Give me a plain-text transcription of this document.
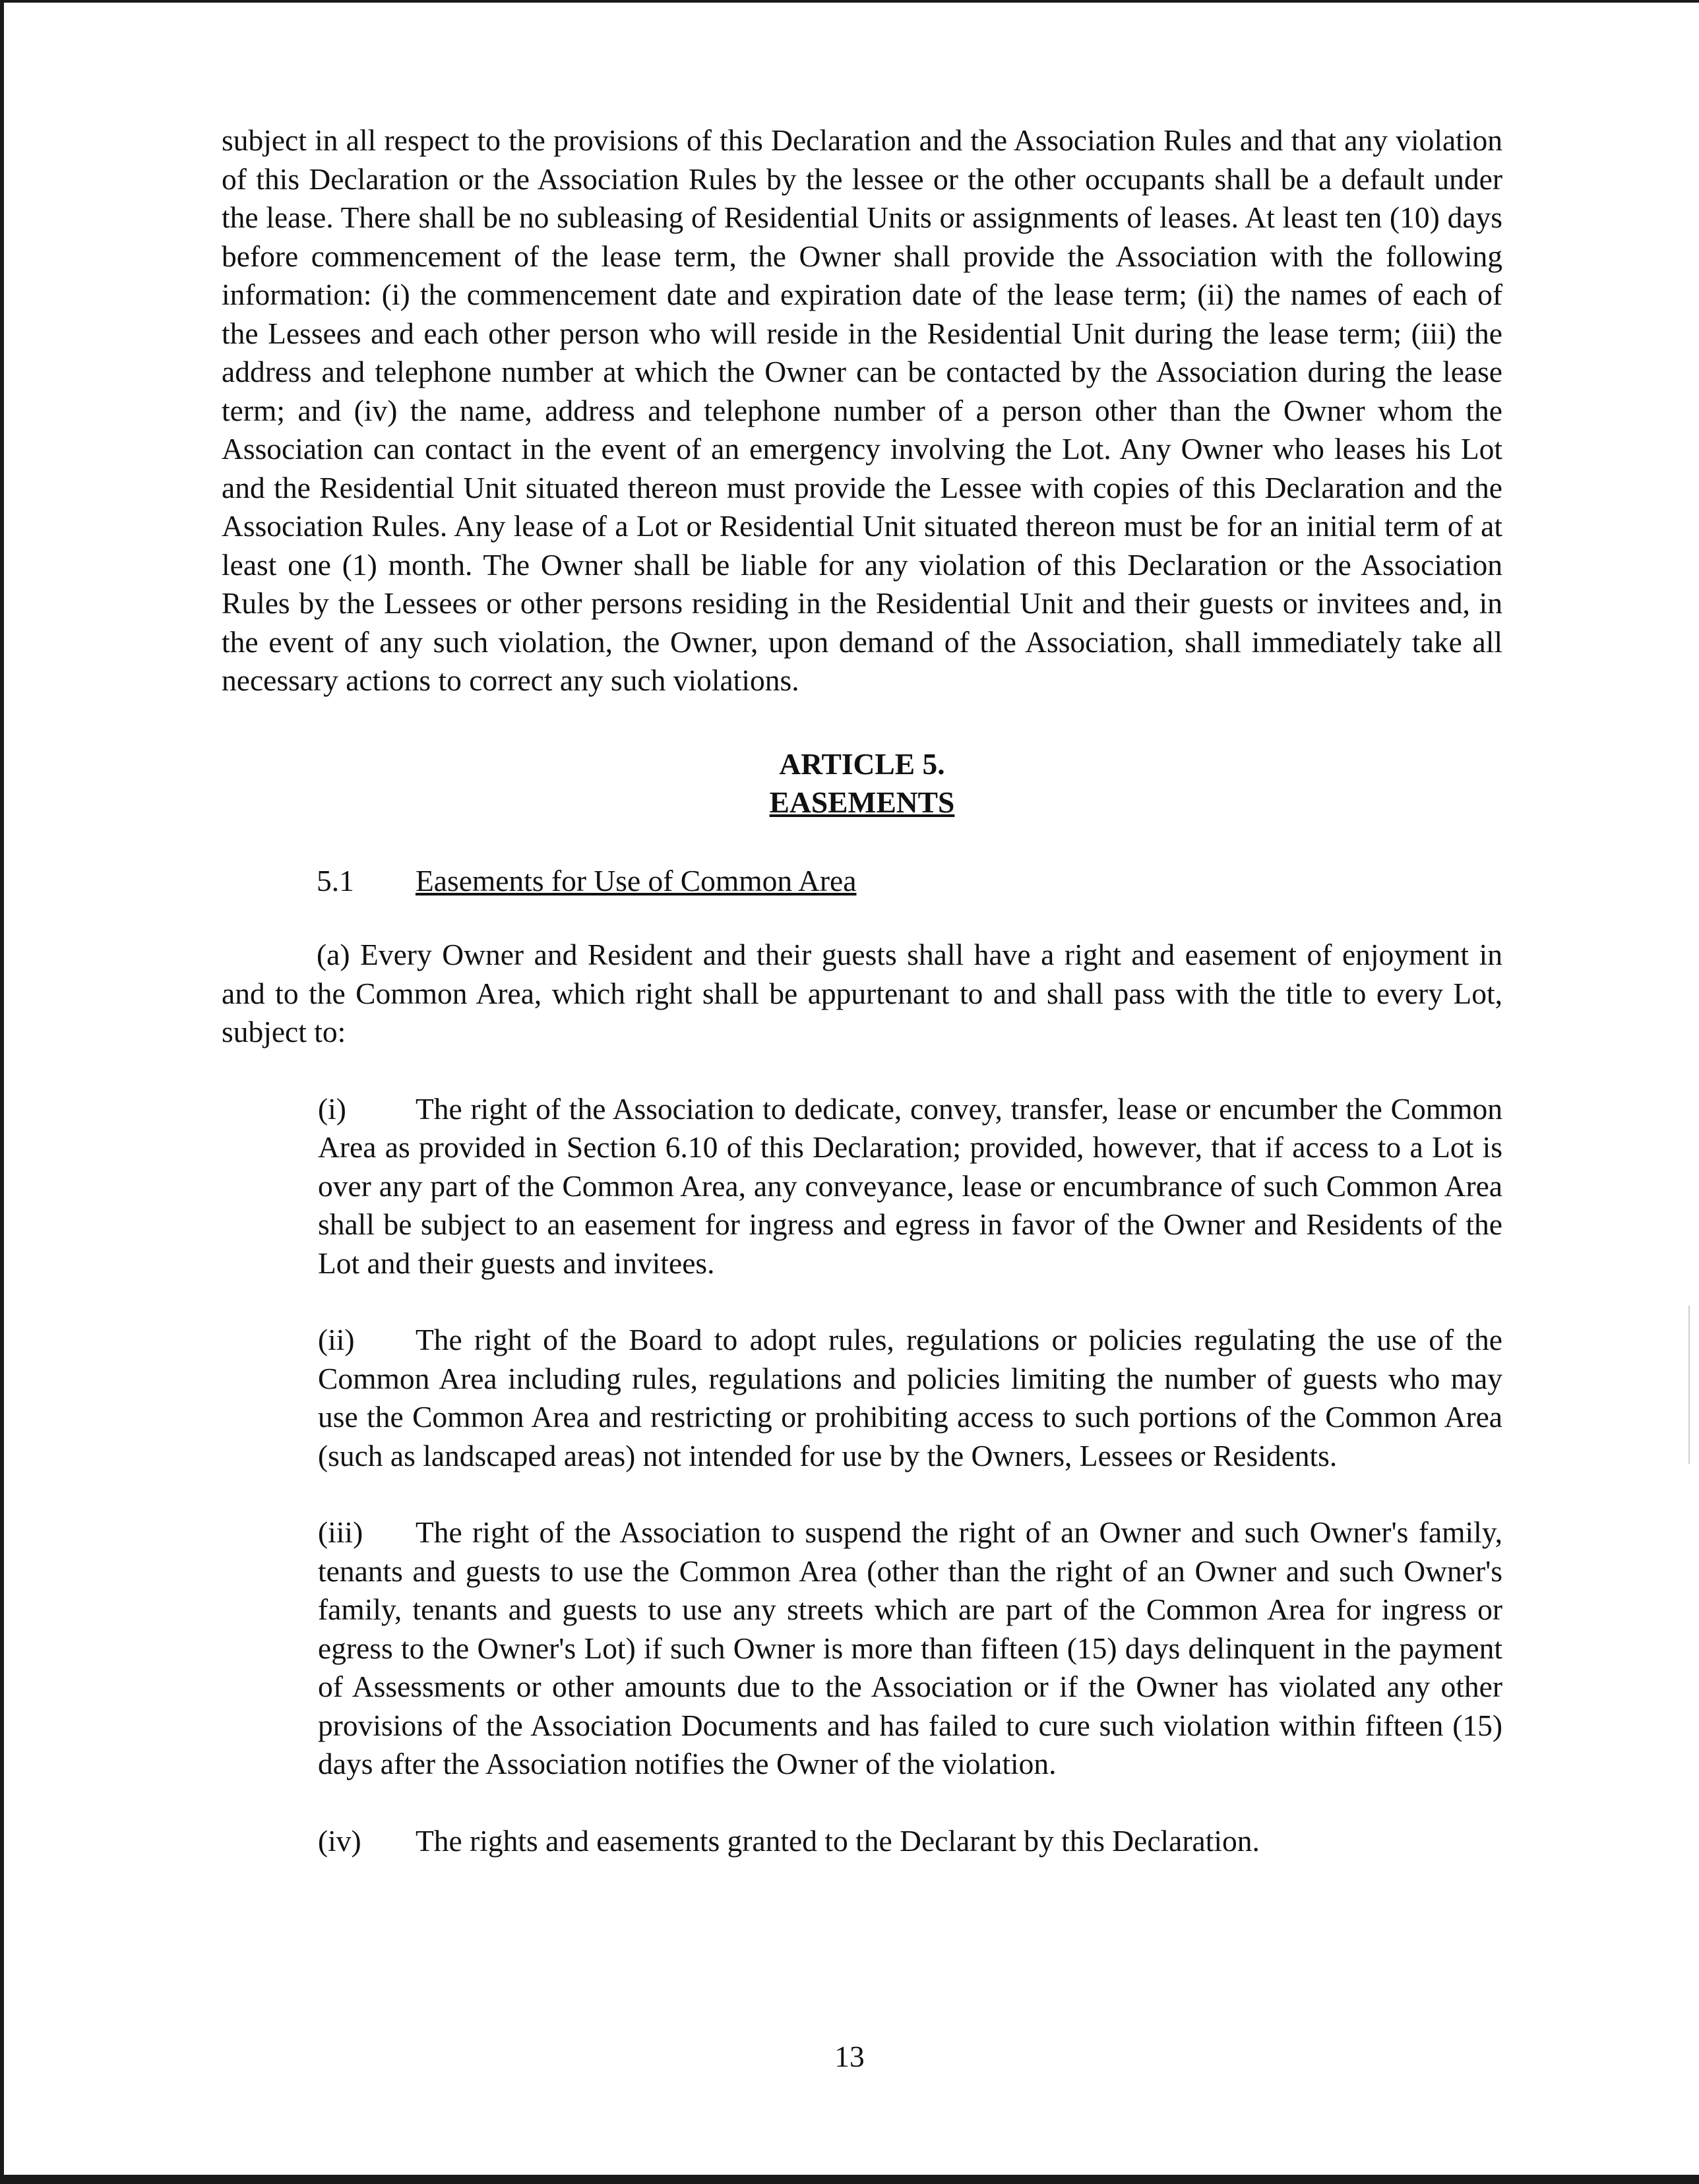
subject in all respect to the provisions of this Declaration and the Association Rules and that any violation of this Declaration or the Association Rules by the lessee or the other occupants shall be a default under the lease. There shall be no subleasing of Residential Units or assignments of leases. At least ten (10) days before commencement of the lease term, the Owner shall provide the Association with the following information: (i) the commencement date and expiration date of the lease term; (ii) the names of each of the Lessees and each other person who will reside in the Residential Unit during the lease term; (iii) the address and telephone number at which the Owner can be contacted by the Association during the lease term; and (iv) the name, address and telephone number of a person other than the Owner whom the Association can contact in the event of an emergency involving the Lot. Any Owner who leases his Lot and the Residential Unit situated thereon must provide the Lessee with copies of this Declaration and the Association Rules. Any lease of a Lot or Residential Unit situated thereon must be for an initial term of at least one (1) month. The Owner shall be liable for any violation of this Declaration or the Association Rules by the Lessees or other persons residing in the Residential Unit and their guests or invitees and, in the event of any such violation, the Owner, upon demand of the Association, shall immediately take all necessary actions to correct any such violations.

ARTICLE 5.
EASEMENTS
5.1 Easements for Use of Common Area

(a) Every Owner and Resident and their guests shall have a right and easement of enjoyment in and to the Common Area, which right shall be appurtenant to and shall pass with the title to every Lot, subject to:

(i) The right of the Association to dedicate, convey, transfer, lease or encumber the Common Area as provided in Section 6.10 of this Declaration; provided, however, that if access to a Lot is over any part of the Common Area, any conveyance, lease or encumbrance of such Common Area shall be subject to an easement for ingress and egress in favor of the Owner and Residents of the Lot and their guests and invitees.

(ii) The right of the Board to adopt rules, regulations or policies regulating the use of the Common Area including rules, regulations and policies limiting the number of guests who may use the Common Area and restricting or prohibiting access to such portions of the Common Area (such as landscaped areas) not intended for use by the Owners, Lessees or Residents.

(iii) The right of the Association to suspend the right of an Owner and such Owner's family, tenants and guests to use the Common Area (other than the right of an Owner and such Owner's family, tenants and guests to use any streets which are part of the Common Area for ingress or egress to the Owner's Lot) if such Owner is more than fifteen (15) days delinquent in the payment of Assessments or other amounts due to the Association or if the Owner has violated any other provisions of the Association Documents and has failed to cure such violation within fifteen (15) days after the Association notifies the Owner of the violation.

(iv) The rights and easements granted to the Declarant by this Declaration.

13
